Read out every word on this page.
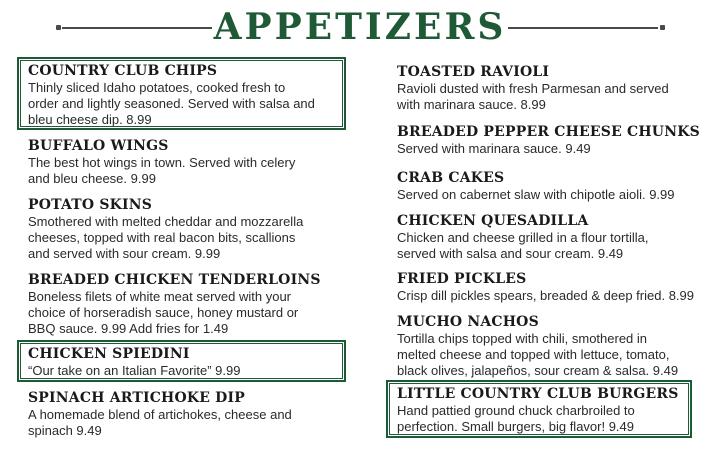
APPETIZERS
COUNTRY CLUB CHIPS
Thinly sliced Idaho potatoes, cooked fresh to
order and lightly seasoned. Served with salsa and
bleu cheese dip. 8.99
BUFFALO WINGS
The best hot wings in town. Served with celery
and bleu cheese. 9.99
POTATO SKINS
Smothered with melted cheddar and mozzarella
cheeses, topped with real bacon bits, scallions
and served with sour cream. 9.99
BREADED CHICKEN TENDERLOINS
Boneless filets of white meat served with your
choice of horseradish sauce, honey mustard or
BBQ sauce. 9.99 Add fries for 1.49
CHICKEN SPIEDINI
“Our take on an Italian Favorite” 9.99
SPINACH ARTICHOKE DIP
A homemade blend of artichokes, cheese and
spinach 9.49
TOASTED RAVIOLI
Ravioli dusted with fresh Parmesan and served
with marinara sauce. 8.99
BREADED PEPPER CHEESE CHUNKS
Served with marinara sauce. 9.49
CRAB CAKES
Served on cabernet slaw with chipotle aioli. 9.99
CHICKEN QUESADILLA
Chicken and cheese grilled in a flour tortilla,
served with salsa and sour cream. 9.49
FRIED PICKLES
Crisp dill pickles spears, breaded & deep fried. 8.99
MUCHO NACHOS
Tortilla chips topped with chili, smothered in
melted cheese and topped with lettuce, tomato,
black olives, jalapeños, sour cream & salsa. 9.49
LITTLE COUNTRY CLUB BURGERS
Hand pattied ground chuck charbroiled to
perfection. Small burgers, big flavor! 9.49
